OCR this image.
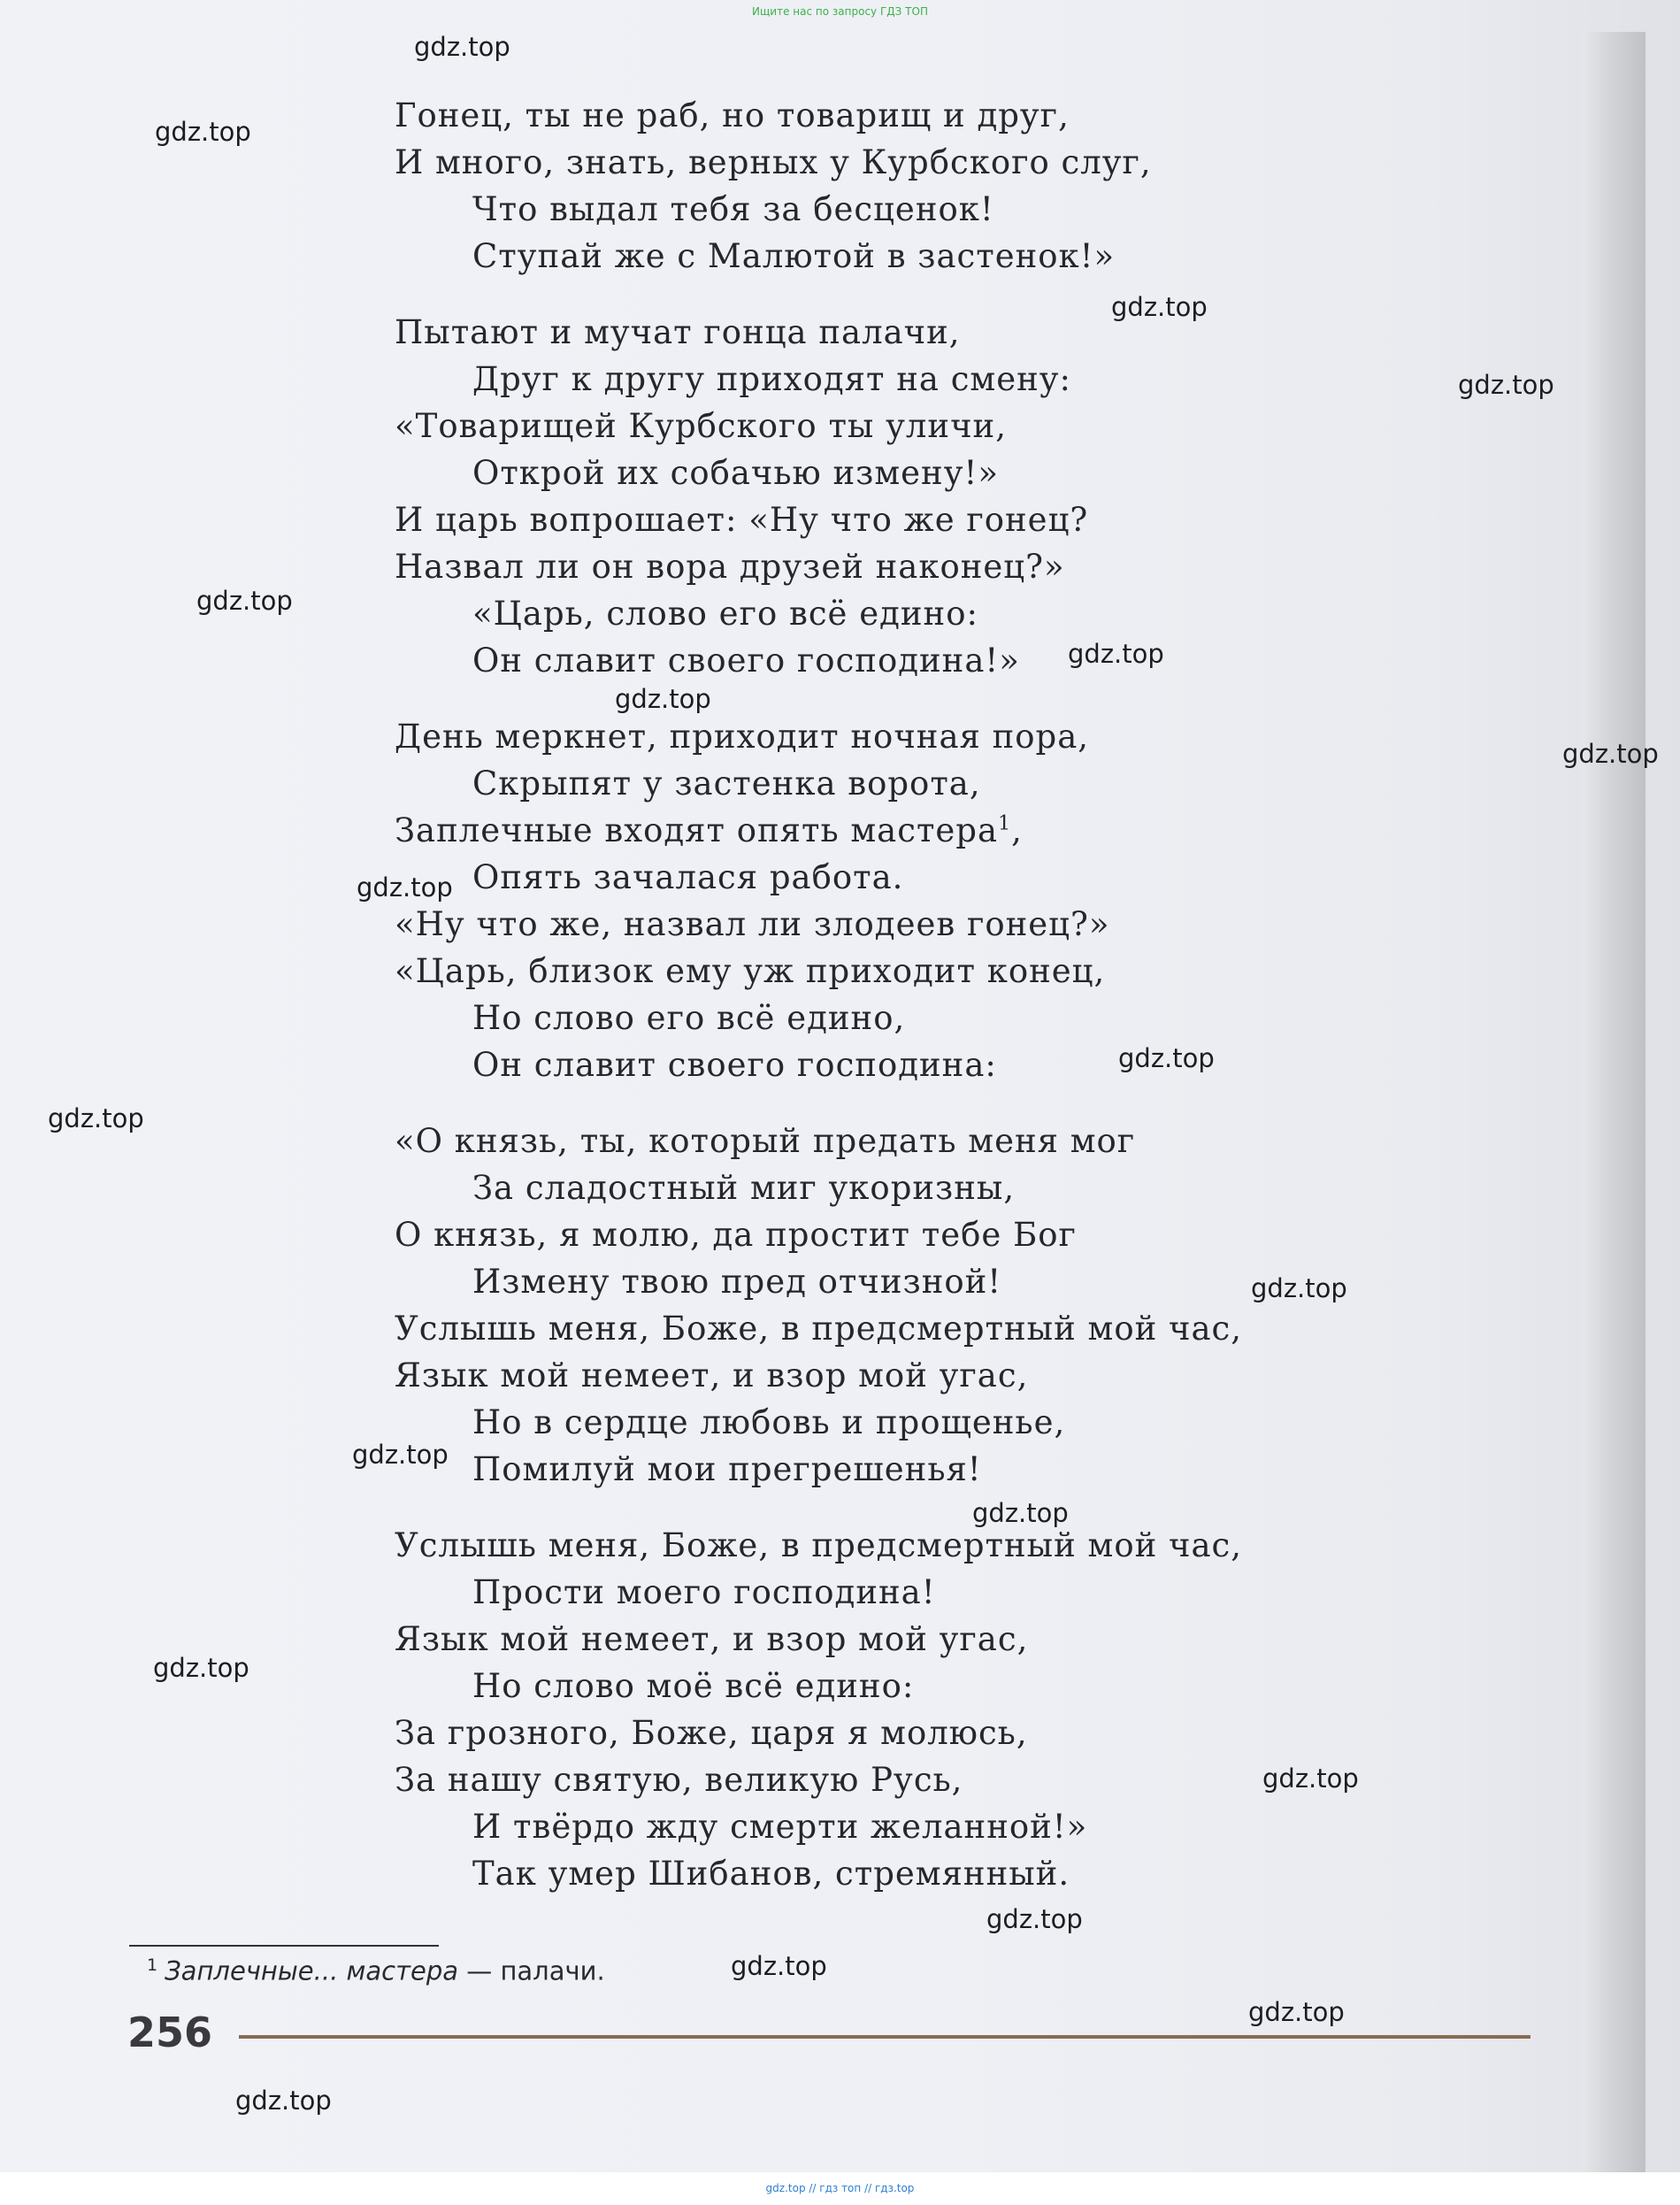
Ищите нас по запросу ГДЗ ТОП
Гонец, ты не раб, но товарищ и друг,
И много, знать, верных у Курбского слуг,
Что выдал тебя за бесценок!
Ступай же с Малютой в застенок!»
Пытают и мучат гонца палачи,
Друг к другу приходят на смену:
«Товарищей Курбского ты уличи,
Открой их собачью измену!»
И царь вопрошает: «Ну что же гонец?
Назвал ли он вора друзей наконец?»
«Царь, слово его всё едино:
Он славит своего господина!»
День меркнет, приходит ночная пора,
Скрыпят у застенка ворота,
Заплечные входят опять мастера$^1$,
Опять зачалася работа.
«Ну что же, назвал ли злодеев гонец?»
«Царь, близок ему уж приходит конец,
Но слово его всё едино,
Он славит своего господина:
«О князь, ты, который предать меня мог
За сладостный миг укоризны,
О князь, я молю, да простит тебе Бог
Измену твою пред отчизной!
Услышь меня, Боже, в предсмертный мой час,
Язык мой немеет, и взор мой угас,
Но в сердце любовь и прощенье,
Помилуй мои прегрешенья!
Услышь меня, Боже, в предсмертный мой час,
Прости моего господина!
Язык мой немеет, и взор мой угас,
Но слово моё всё едино:
За грозного, Боже, царя я молюсь,
За нашу святую, великую Русь,
И твёрдо жду смерти желанной!»
Так умер Шибанов, стремянный.
$^1$ Заплечные... мастера — палачи.
256
gdz.top
gdz.top
gdz.top
gdz.top
gdz.top
gdz.top
gdz.top
gdz.top
gdz.top
gdz.top
gdz.top
gdz.top
gdz.top
gdz.top
gdz.top
gdz.top
gdz.top
gdz.top
gdz.top
gdz.top
gdz.top // гдз топ // гдз.top
